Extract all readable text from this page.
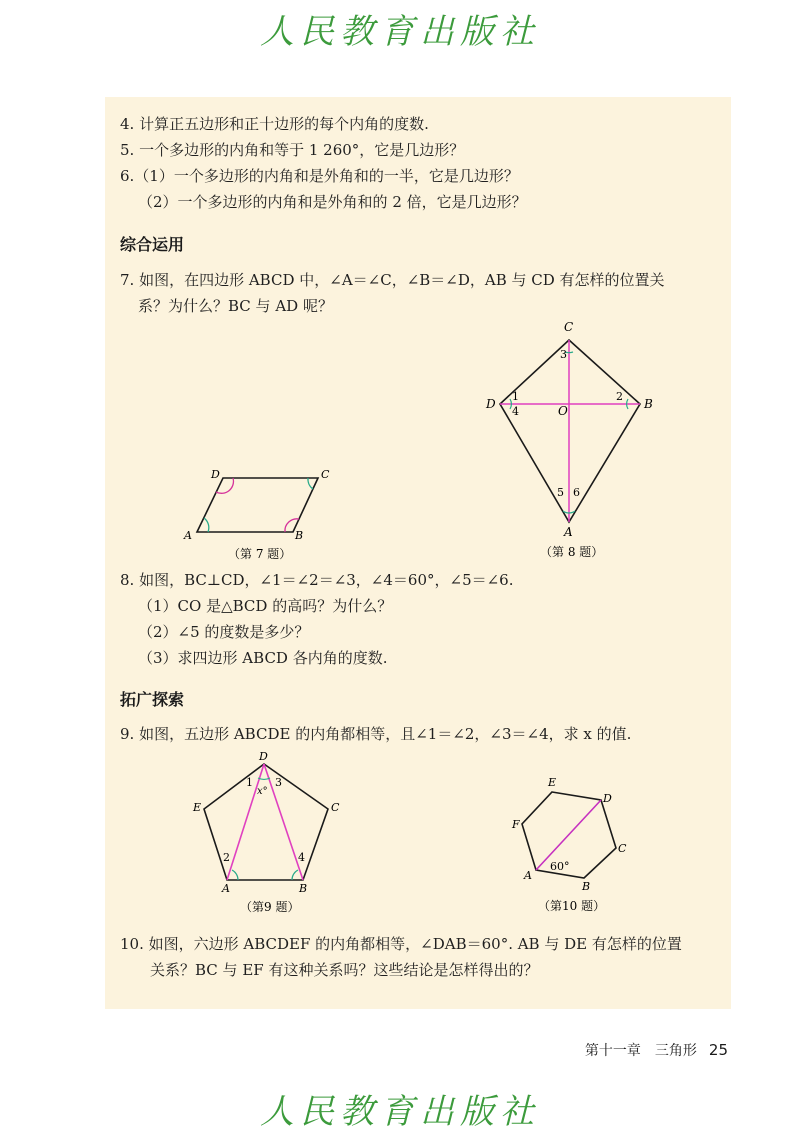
人民教育出版社
4. 计算正五边形和正十边形的每个内角的度数.
5. 一个多边形的内角和等于 1 260°，它是几边形？
6.（1）一个多边形的内角和是外角和的一半，它是几边形？
（2）一个多边形的内角和是外角和的 2 倍，它是几边形？
综合运用
7. 如图，在四边形 ABCD 中，∠A＝∠C，∠B＝∠D，AB 与 CD 有怎样的位置关
系？为什么？BC 与 AD 呢？
D	C
A	B
（第 7 题）
C
D	B
O
A
3
1
4
2
5 6
（第 8 题）
8. 如图，BC⊥CD，∠1＝∠2＝∠3，∠4＝60°，∠5＝∠6.
（1）CO 是△BCD 的高吗？为什么？
（2）∠5 的度数是多少？
（3）求四边形 ABCD 各内角的度数.
拓广探索
9. 如图，五边形 ABCDE 的内角都相等，且∠1＝∠2，∠3＝∠4，求 x 的值.
D
C
E
A	B
1 3
x°
2	4
（第9 题）
E
D
C
B
A
F
60°
（第10 题）
10. 如图，六边形 ABCDEF 的内角都相等，∠DAB＝60°. AB 与 DE 有怎样的位置
关系？BC 与 EF 有这种关系吗？这些结论是怎样得出的？
第十一章　三角形 25
人民教育出版社
